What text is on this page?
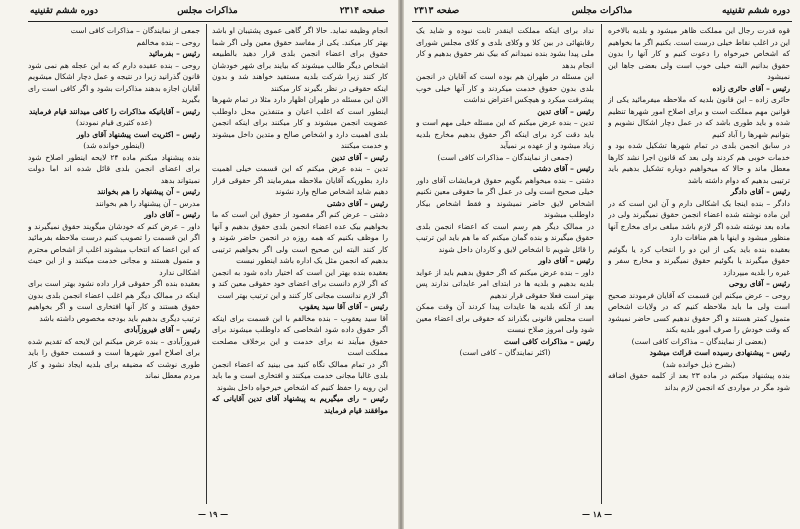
صفحه ۲۳۱۴
مذاکرات مجلس
دوره ششم تقنینیه

انجام وظیفه نماید. حالا اگر گاهی عموی پشتیبان او باشد بهتر کار میکند. یکی از مفاسد حقوق معین ولی اگر شما حقوق برای اعضاء انجمن بلدی قرار دهید بالطبیعه اشخاص دیگر طالب میشوند که بیایند برای شهر خودشان کار کنند زیرا شرکت بلدیه مستفید خواهند شد و بدون اینکه حقوقی در نظر بگیرند کار میکنند

الان این مسئله در طهران اظهار دارد مثلا در تمام شهرها اینطور است که اغلب اعیان و متنفذین محل داوطلب عضویت انجمن میشوند و کار میکنند برای اینکه انجمن بلدی اهمیت دارد و اشخاص صالح و متدین داخل میشوند و خدمت میکنند

رئیس – آقای تدین

تدین – بنده عرض میکنم که این قسمت خیلی اهمیت دارد بطوریکه آقایان ملاحظه میفرمایند اگر حقوقی قرار دهیم شاید اشخاص صالح وارد نشوند

رئیس – آقای دشتی

دشتی – عرض کنم اگر مقصود از حقوق این است که ما بخواهیم بیک عده اعضاء انجمن بلدی حقوق بدهیم و آنها را موظف بکنیم که همه روزه در انجمن حاضر شوند و کار کنند البته این صحیح است ولی اگر بخواهیم ترتیبی بدهیم که انجمن مثل یک اداره باشد اینطور نیست

بعقیده بنده بهتر این است که اختیار داده شود به انجمن که اگر لازم دانست برای اعضای خود حقوقی معین کند و اگر لازم ندانست مجانی کار کنند و این ترتیب بهتر است

رئیس – آقای آقا سید یعقوب

آقا سید یعقوب – بنده مخالفم با این قسمت برای اینکه اگر حقوق داده شود اشخاصی که داوطلب میشوند برای حقوق میآیند نه برای خدمت و این برخلاف مصلحت مملکت است

اگر در تمام ممالک نگاه کنید می بینید که اعضاء انجمن بلدی غالبا مجانی خدمت میکنند و افتخاری است و ما باید این رویه را حفظ کنیم که اشخاص خیرخواه داخل بشوند

رئیس – رای میگیریم به پیشنهاد آقای تدین آقایانی که موافقند قیام فرمایند

جمعی از نمایندگان – مذاکرات کافی است

روحی – بنده مخالفم

رئیس – بفرمائید

روحی – بنده عقیده دارم که به این عجله هم نمی شود قانون گذرانید زیرا در نتیجه و عمل دچار اشکال میشویم آقایان اجازه بدهند مذاکرات بشود و اگر کافی است رای بگیرید

رئیس – آقایانیکه مذاکرات را کافی میدانند قیام فرمایند

(عده کثیری قیام نمودند)

رئیس – اکثریت است پیشنهاد آقای داور

(اینطور خوانده شد)

بنده پیشنهاد میکنم ماده ۲۴ لایحه اینطور اصلاح شود برای اعضای انجمن بلدی قائل شده اند اما دولت نمیتواند بدهد

رئیس – آن پیشنهاد را هم بخوانند

مدرس – آن پیشنهاد را هم بخوانند

رئیس – آقای داور

داور – عرض کنم که خودشان میگویند حقوق نمیگیرند و اگر این قسمت را تصویب کنیم درست ملاحظه بفرمائید که این اعضا که انتخاب میشوند اغلب از اشخاص محترم و متمول هستند و مجانی خدمت میکنند و از این حیث اشکالی ندارد

بعقیده بنده اگر حقوقی قرار داده نشود بهتر است برای اینکه در ممالک دیگر هم اغلب اعضاء انجمن بلدی بدون حقوق هستند و کار آنها افتخاری است و اگر بخواهیم ترتیب دیگری بدهیم باید بودجه مخصوص داشته باشد

رئیس – آقای فیروزآبادی

فیروزآبادی – بنده عرض میکنم این لایحه که تقدیم شده برای اصلاح امور شهرها است و قسمت حقوق را باید طوری نوشت که مضیقه برای بلدیه ایجاد نشود و کار مردم معطل نماند

— ۱۹ —
دوره ششم تقنینیه
مذاکرات مجلس
صفحه ۲۳۱۳

قوه قدرت رجال این مملکت ظاهر میشود و بلدیه بالاخره این در اغلب نقاط خیلی درست است. بکنیم اگر ما بخواهیم که اشخاص خیرخواه را دعوت کنیم و کار آنها را بدون حقوق بدانیم البته خیلی خوب است ولی بعضی جاها این نمیشود

رئیس – آقای حائری زاده

حائری زاده – این قانون بلدیه که ملاحظه میفرمائید یکی از قوانین مهم مملکت است و برای اصلاح امور شهرها تنظیم شده و باید طوری باشد که در عمل دچار اشکال نشویم و بتوانیم شهرها را آباد کنیم

در سابق انجمن بلدی در تمام شهرها تشکیل شده بود و خدمات خوبی هم کردند ولی بعد که قانون اجرا نشد کارها معطل ماند و حالا که میخواهیم دوباره تشکیل بدهیم باید ترتیبی بدهیم که دوام داشته باشد

رئیس – آقای دادگر

دادگر – بنده اینجا یک اشکالی دارم و آن این است که در این ماده نوشته شده اعضاء انجمن حقوق نمیگیرند ولی در ماده بعد نوشته شده اگر لازم باشد مبلغی برای مخارج آنها منظور میشود و اینها با هم منافات دارد

بعقیده بنده باید یکی از این دو را انتخاب کرد یا بگوئیم حقوق میگیرند یا بگوئیم حقوق نمیگیرند و مخارج سفر و غیره را بلدیه میپردازد

رئیس – آقای روحی

روحی – عرض میکنم این قسمت که آقایان فرمودند صحیح است ولی ما باید ملاحظه کنیم که در ولایات اشخاص متمول کمتر هستند و اگر حقوق ندهیم کسی حاضر نمیشود که وقت خودش را صرف امور بلدیه بکند

(بعضی از نمایندگان – مذاکرات کافی است)

رئیس – پیشنهادی رسیده است قرائت میشود

(بشرح ذیل خوانده شد)

بنده پیشنهاد میکنم در ماده ۲۳ بعد از کلمه حقوق اضافه شود مگر در مواردی که انجمن لازم بداند

نداد برای اینکه مملکت اینقدر ثابت نبوده و شاید یک رقابتهائی در بین کلا و وکلای بلدی و کلای مجلس شورای ملی پیدا بشود بنده نمیدانم که بیک نفر حقوق بدهیم و کار انجام بدهد

این مسئله در طهران هم بوده است که آقایان در انجمن بلدی بدون حقوق خدمت میکردند و کار آنها خیلی خوب پیشرفت میکرد و هیچکس اعتراض نداشت

رئیس – آقای تدین

تدین – بنده عرض میکنم که این مسئله خیلی مهم است و باید دقت کرد برای اینکه اگر حقوق بدهیم مخارج بلدیه زیاد میشود و از عهده بر نمیآید

(جمعی از نمایندگان – مذاکرات کافی است)

رئیس – آقای دشتی

دشتی – بنده میخواهم بگویم حقوق فرمایشات آقای داور خیلی صحیح است ولی در عمل اگر ما حقوقی معین نکنیم اشخاص لایق حاضر نمیشوند و فقط اشخاص بیکار داوطلب میشوند

در ممالک دیگر هم رسم است که اعضاء انجمن بلدی حقوق میگیرند و بنده گمان میکنم که ما هم باید این ترتیب را قائل شویم تا اشخاص لایق و کاردان داخل شوند

رئیس – آقای داور

داور – بنده عرض میکنم که اگر حقوق بدهیم باید از عواید بلدیه بدهیم و بلدیه ها در ابتدای امر عایداتی ندارند پس بهتر است فعلا حقوقی قرار ندهیم

بعد از آنکه بلدیه ها عایدات پیدا کردند آن وقت ممکن است مجلس قانونی بگذراند که حقوقی برای اعضاء معین شود ولی امروز صلاح نیست

رئیس – مذاکرات کافی است

(اکثر نمایندگان – کافی است)

— ۱۸ —
